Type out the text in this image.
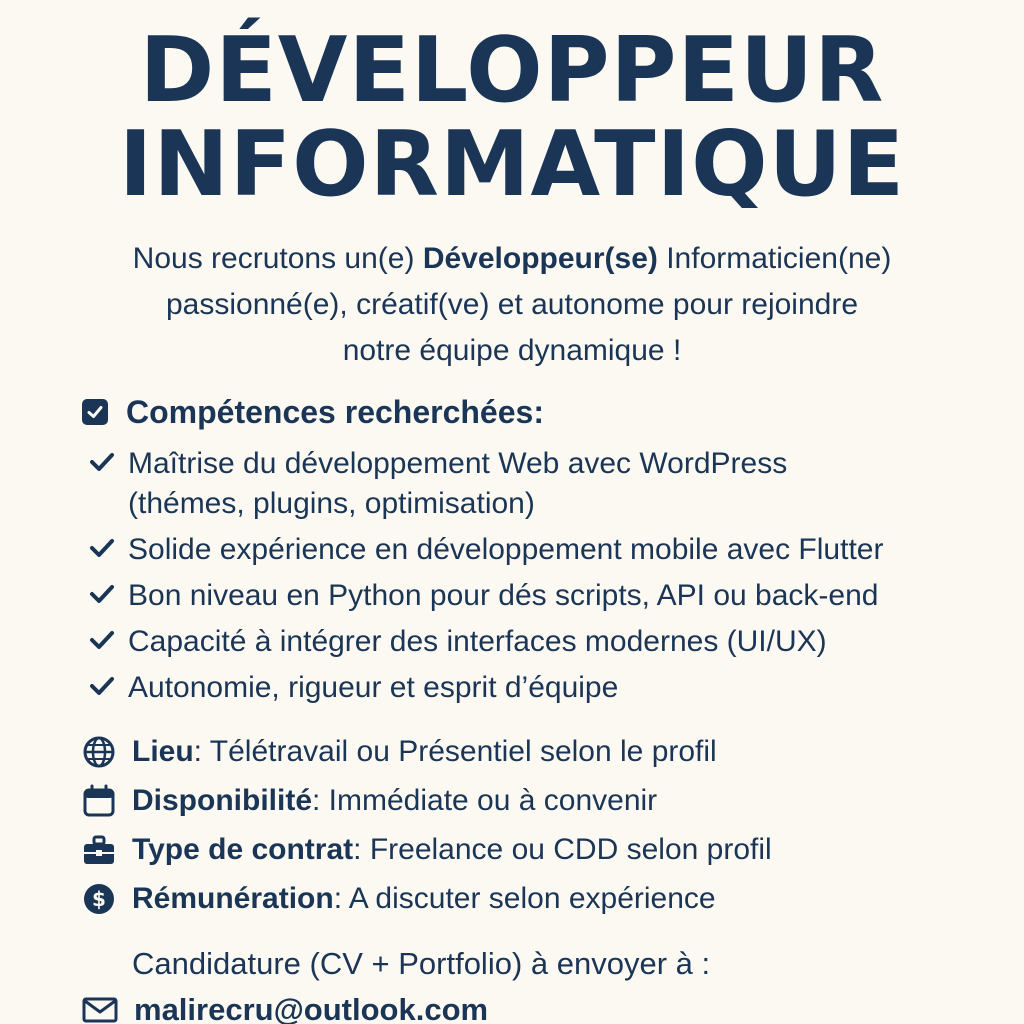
DÉVELOPPEUR
INFORMATIQUE
Nous recrutons un(e) Développeur(se) Informaticien(ne)
passionné(e), créatif(ve) et autonome pour rejoindre
notre équipe dynamique !
Compétences recherchées:
Maîtrise du développement Web avec WordPress
(thémes, plugins, optimisation)
Solide expérience en développement mobile avec Flutter
Bon niveau en Python pour dés scripts, API ou back-end
Capacité à intégrer des interfaces modernes (UI/UX)
Autonomie, rigueur et esprit d’équipe
Lieu : Télétravail ou Présentiel selon le profil
Disponibilité : Immédiate ou à convenir
Type de contrat : Freelance ou CDD selon profil
$ Rémunération : A discuter selon expérience
Candidature (CV + Portfolio) à envoyer à :
malirecru@outlook.com
